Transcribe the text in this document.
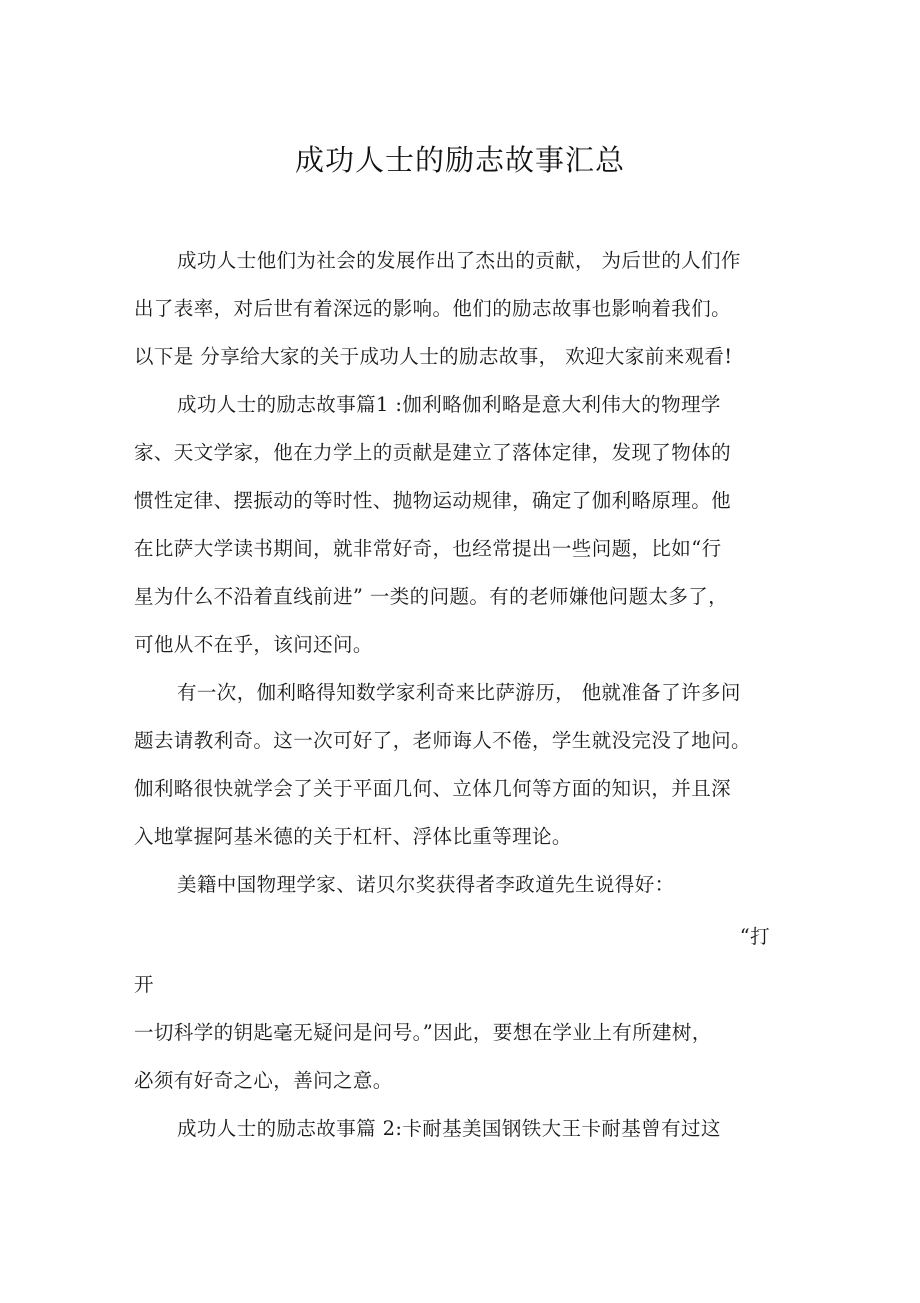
成功人士的励志故事汇总
成功人士他们为社会的发展作出了杰出的贡献， 为后世的人们作
出了表率，对后世有着深远的影响。他们的励志故事也影响着我们。
以下是 分享给大家的关于成功人士的励志故事， 欢迎大家前来观看!
成功人士的励志故事篇1 :伽利略伽利略是意大利伟大的物理学
家、天文学家，他在力学上的贡献是建立了落体定律，发现了物体的
惯性定律、摆振动的等时性、抛物运动规律，确定了伽利略原理。他
在比萨大学读书期间，就非常好奇，也经常提出一些问题，比如“行
星为什么不沿着直线前进” 一类的问题。有的老师嫌他问题太多了，
可他从不在乎，该问还问。
有一次，伽利略得知数学家利奇来比萨游历， 他就准备了许多问
题去请教利奇。这一次可好了，老师诲人不倦，学生就没完没了地问。
伽利略很快就学会了关于平面几何、立体几何等方面的知识，并且深
入地掌握阿基米德的关于杠杆、浮体比重等理论。
美籍中国物理学家、诺贝尔奖获得者李政道先生说得好：
“打
开
一切科学的钥匙毫无疑问是问号。”因此，要想在学业上有所建树，
必须有好奇之心，善问之意。
成功人士的励志故事篇 2:卡耐基美国钢铁大王卡耐基曾有过这
